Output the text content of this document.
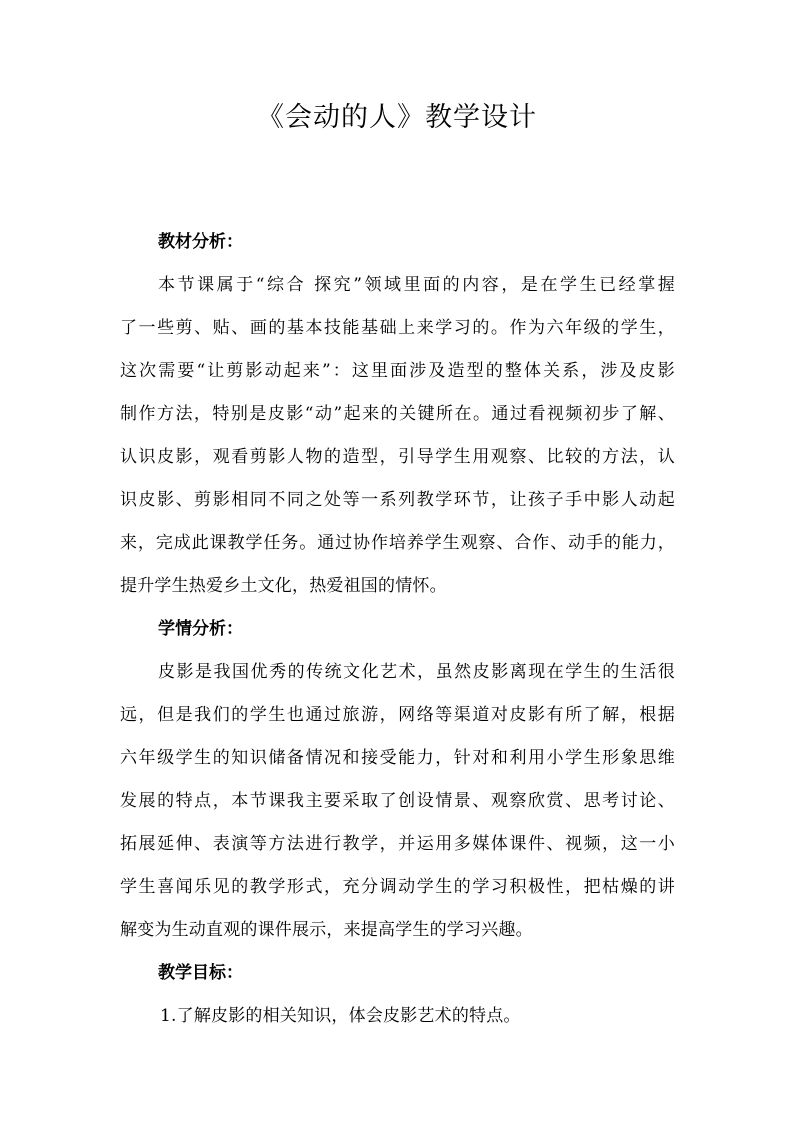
《会动的人》教学设计

教材分析：

本节课属于“综合 探究”领域里面的内容，是在学生已经掌握

了一些剪、贴、画的基本技能基础上来学习的。作为六年级的学生，

这次需要“让剪影动起来”：这里面涉及造型的整体关系，涉及皮影

制作方法，特别是皮影“动”起来的关键所在。通过看视频初步了解、

认识皮影，观看剪影人物的造型，引导学生用观察、比较的方法，认

识皮影、剪影相同不同之处等一系列教学环节，让孩子手中影人动起

来，完成此课教学任务。通过协作培养学生观察、合作、动手的能力，

提升学生热爱乡土文化，热爱祖国的情怀。

学情分析：

皮影是我国优秀的传统文化艺术，虽然皮影离现在学生的生活很

远，但是我们的学生也通过旅游，网络等渠道对皮影有所了解，根据

六年级学生的知识储备情况和接受能力，针对和利用小学生形象思维

发展的特点，本节课我主要采取了创设情景、观察欣赏、思考讨论、

拓展延伸、表演等方法进行教学，并运用多媒体课件、视频，这一小

学生喜闻乐见的教学形式，充分调动学生的学习积极性，把枯燥的讲

解变为生动直观的课件展示，来提高学生的学习兴趣。

教学目标：

1.了解皮影的相关知识，体会皮影艺术的特点。
